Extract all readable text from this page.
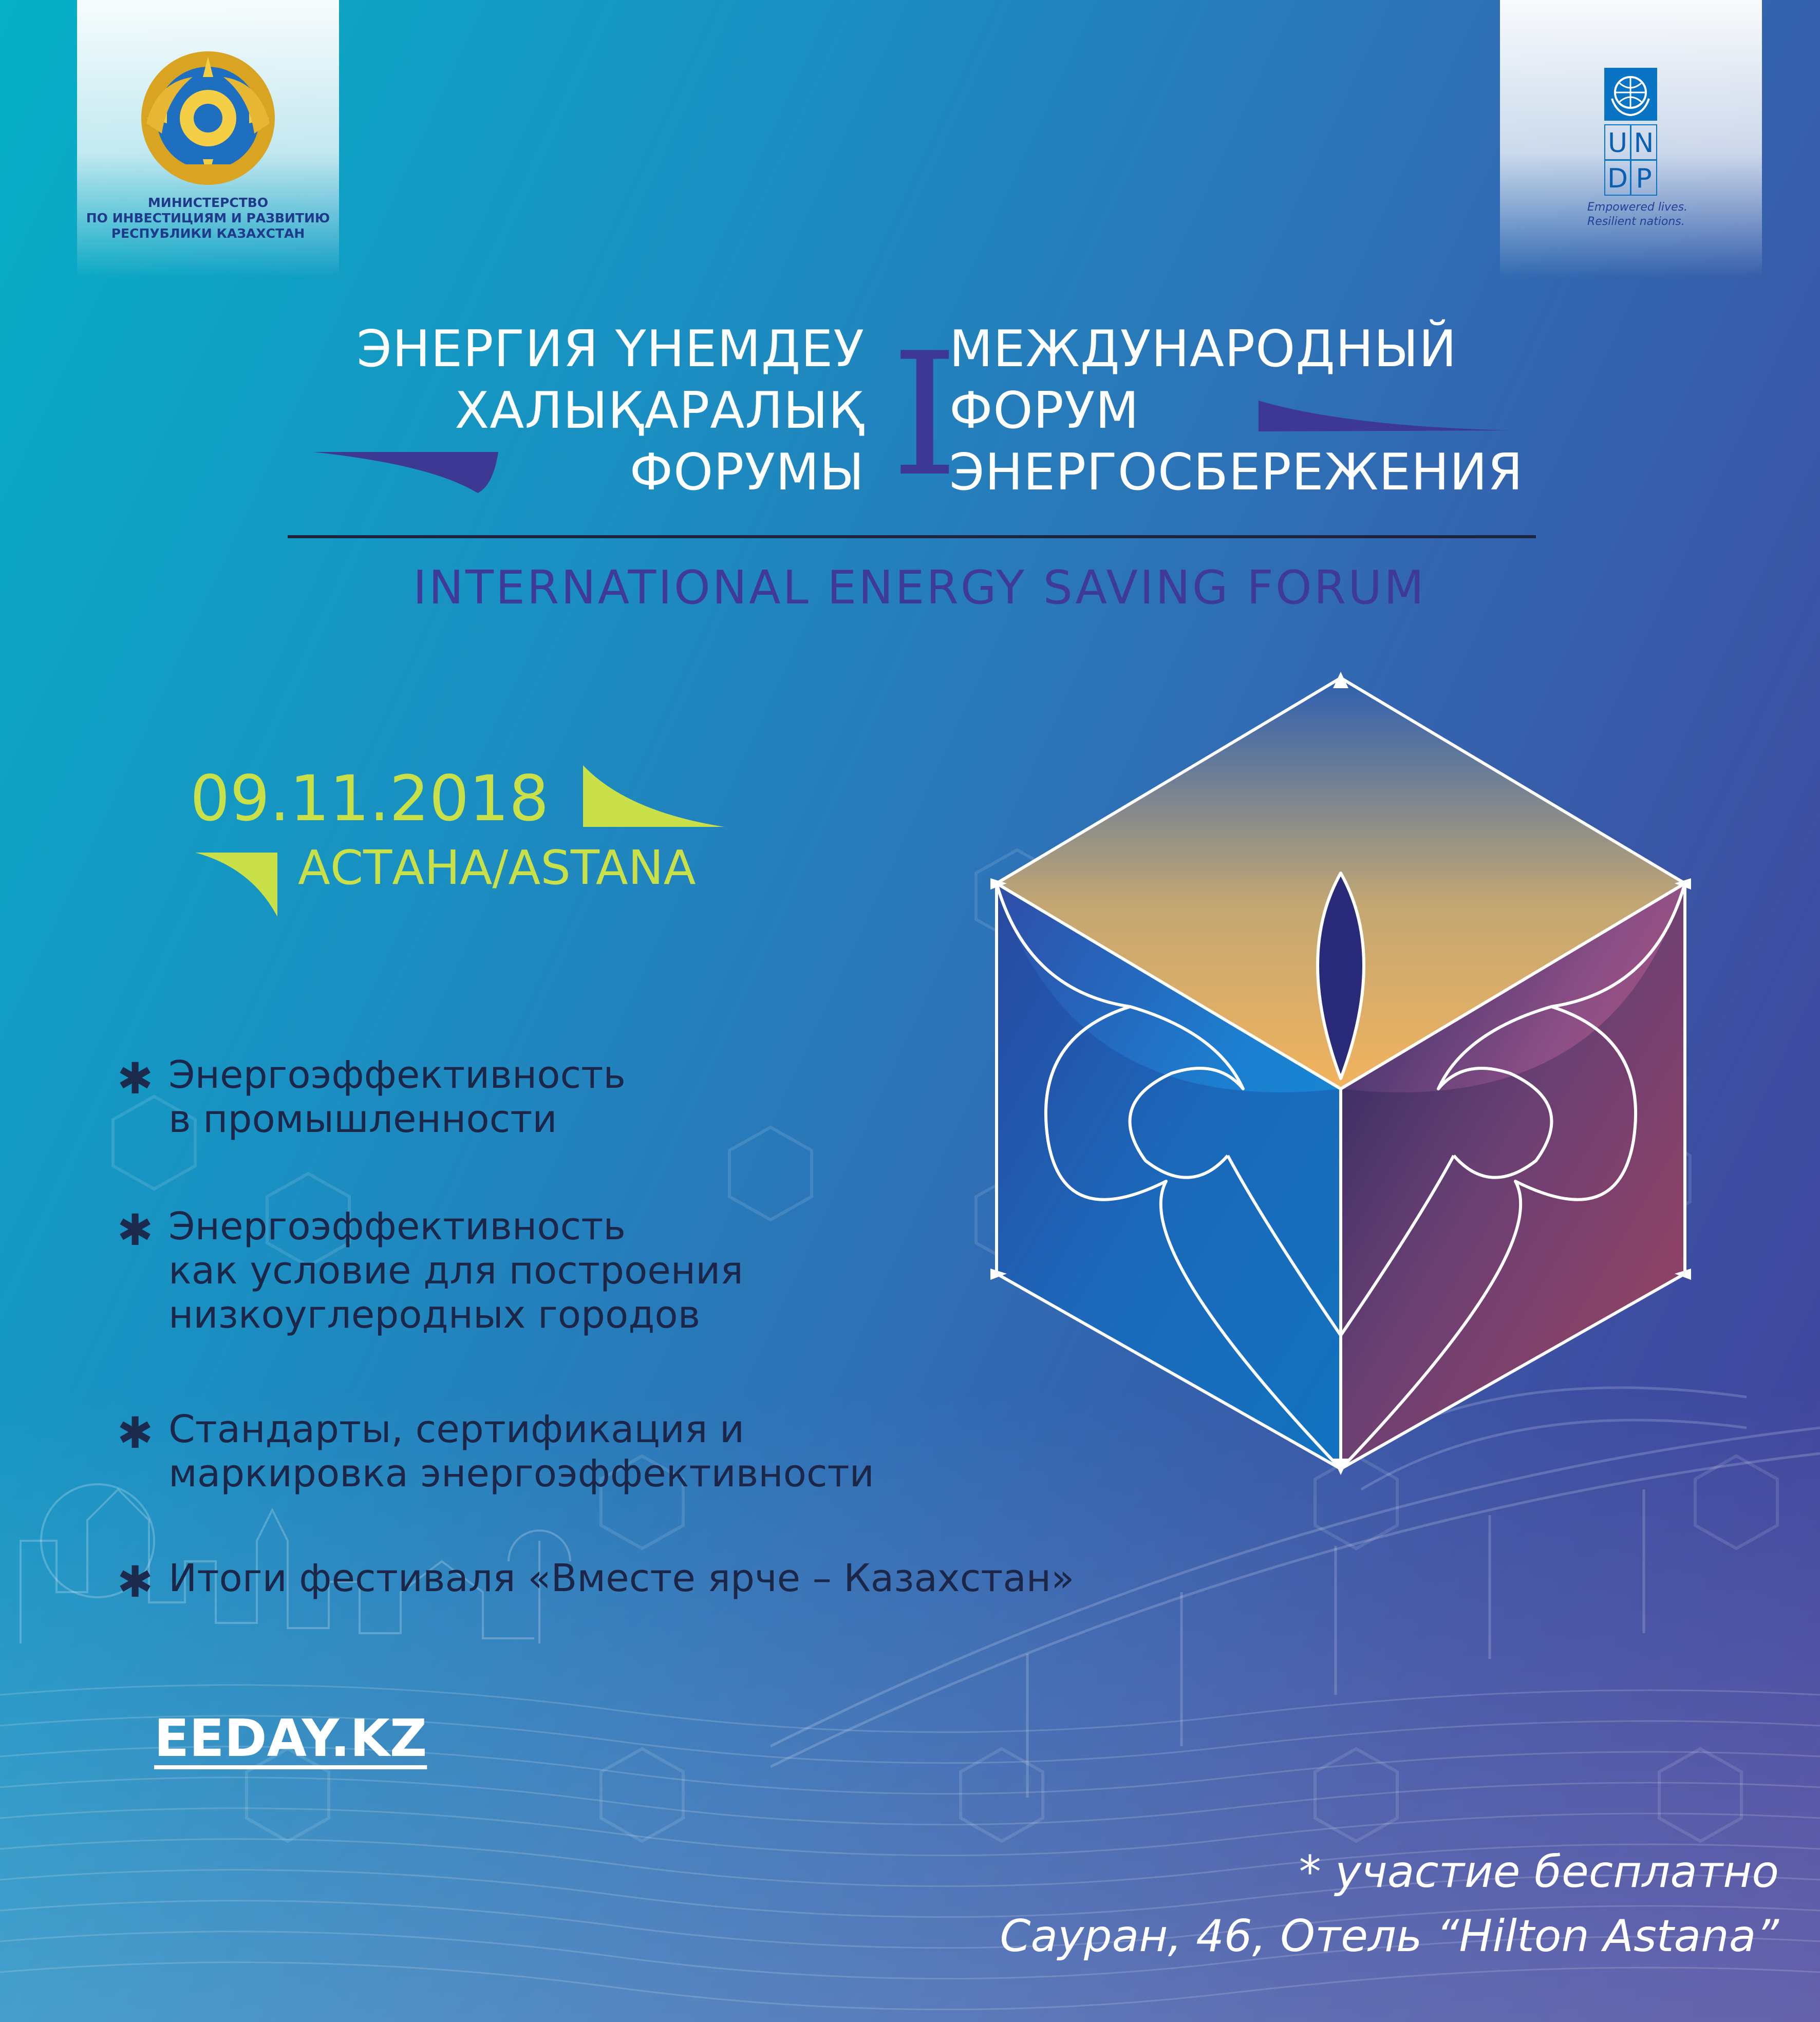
МИНИСТЕРСТВО
ПО ИНВЕСТИЦИЯМ И РАЗВИТИЮ
РЕСПУБЛИКИ КАЗАХСТАН

U N
D P

Empowered lives.
Resilient nations.

ЭНЕРГИЯ ҮНЕМДЕУ

ХАЛЫҚАРАЛЫҚ

ФОРУМЫ I

МЕЖДУНАРОДНЫЙ

ФОРУМ

ЭНЕРГОСБЕРЕЖЕНИЯ

INTERNATIONAL ENERGY SAVING FORUM

09.11.2018

АСТАНА/ASTANA

✱ Энергоэффективность
в промышленности

✱ Энергоэффективность
как условие для построения
низкоуглеродных городов

✱ Стандарты, сертификация и
маркировка энергоэффективности

✱ Итоги фестиваля «Вместе ярче – Казахстан»

EEDAY.KZ

* участие бесплатно

Сауран, 46, Отель “Hilton Astana”
